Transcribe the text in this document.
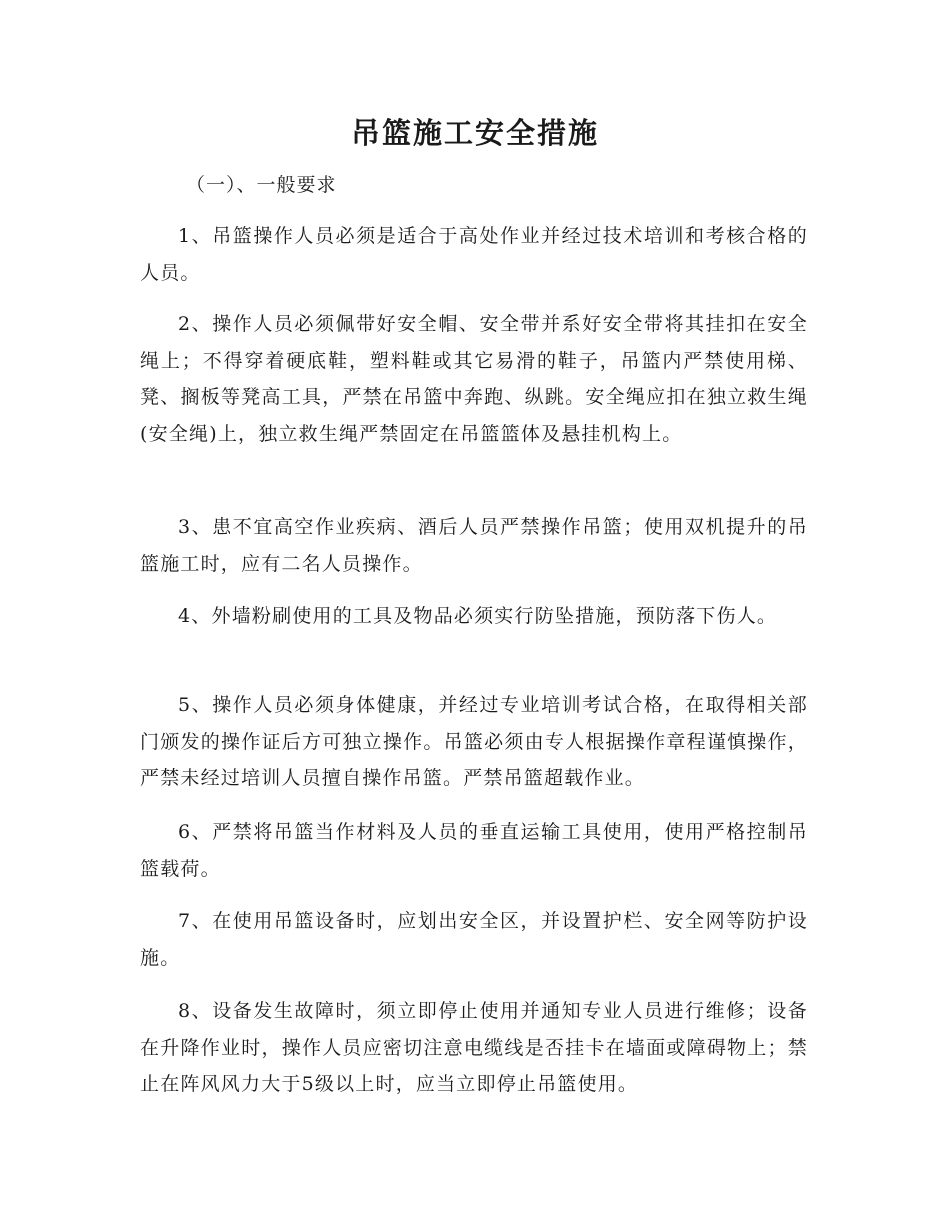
吊篮施工安全措施

（一）、一般要求

1、吊篮操作人员必须是适合于高处作业并经过技术培训和考核合格的人员。

2、操作人员必须佩带好安全帽、安全带并系好安全带将其挂扣在安全绳上；不得穿着硬底鞋，塑料鞋或其它易滑的鞋子，吊篮内严禁使用梯、凳、搁板等凳高工具，严禁在吊篮中奔跑、纵跳。安全绳应扣在独立救生绳(安全绳)上，独立救生绳严禁固定在吊篮篮体及悬挂机构上。

3、患不宜高空作业疾病、酒后人员严禁操作吊篮；使用双机提升的吊篮施工时，应有二名人员操作。

4、外墙粉刷使用的工具及物品必须实行防坠措施，预防落下伤人。

5、操作人员必须身体健康，并经过专业培训考试合格，在取得相关部门颁发的操作证后方可独立操作。吊篮必须由专人根据操作章程谨慎操作，严禁未经过培训人员擅自操作吊篮。严禁吊篮超载作业。

6、严禁将吊篮当作材料及人员的垂直运输工具使用，使用严格控制吊篮载荷。

7、在使用吊篮设备时，应划出安全区，并设置护栏、安全网等防护设施。

8、设备发生故障时，须立即停止使用并通知专业人员进行维修；设备在升降作业时，操作人员应密切注意电缆线是否挂卡在墙面或障碍物上；禁止在阵风风力大于5级以上时，应当立即停止吊篮使用。
